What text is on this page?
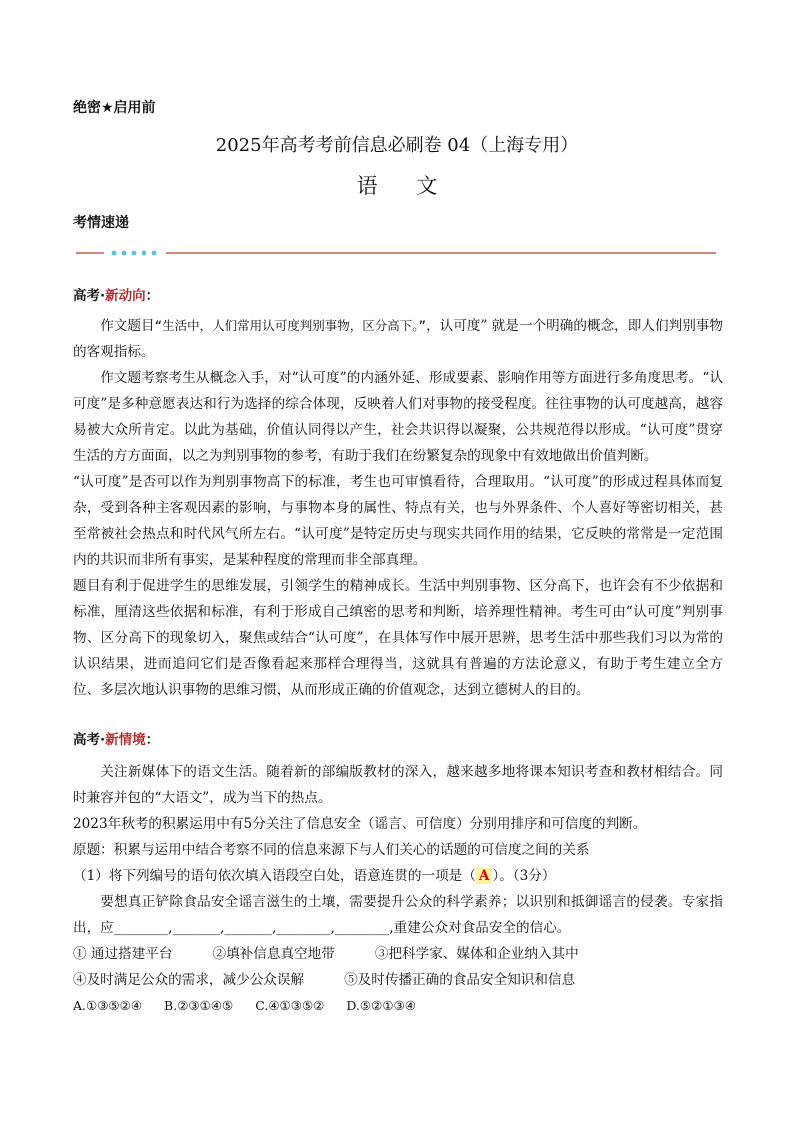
绝密★启用前
2025年高考考前信息必刷卷 04（上海专用）
语 文
考情速递
高考·新动向：

作文题目“生活中，人们常用认可度判别事物，区分高下。”，认可度” 就是一个明确的概念，即人们判别事物的客观指标。

作文题考察考生从概念入手，对“认可度”的内涵外延、形成要素、影响作用等方面进行多角度思考。“认可度”是多种意愿表达和行为选择的综合体现，反映着人们对事物的接受程度。往往事物的认可度越高，越容易被大众所肯定。以此为基础，价值认同得以产生，社会共识得以凝聚，公共规范得以形成。“认可度”贯穿生活的方方面面，以之为判别事物的参考，有助于我们在纷繁复杂的现象中有效地做出价值判断。

“认可度”是否可以作为判别事物高下的标准，考生也可审慎看待，合理取用。“认可度”的形成过程具体而复杂，受到各种主客观因素的影响，与事物本身的属性、特点有关，也与外界条件、个人喜好等密切相关，甚至常被社会热点和时代风气所左右。“认可度”是特定历史与现实共同作用的结果，它反映的常常是一定范围内的共识而非所有事实，是某种程度的常理而非全部真理。

题目有利于促进学生的思维发展，引领学生的精神成长。生活中判别事物、区分高下，也许会有不少依据和标准，厘清这些依据和标准，有利于形成自己缜密的思考和判断，培养理性精神。考生可由“认可度”判别事物、区分高下的现象切入，聚焦或结合“认可度”，在具体写作中展开思辨，思考生活中那些我们习以为常的认识结果，进而追问它们是否像看起来那样合理得当，这就具有普遍的方法论意义，有助于考生建立全方位、多层次地认识事物的思维习惯，从而形成正确的价值观念，达到立德树人的目的。

高考·新情境：

关注新媒体下的语文生活。随着新的部编版教材的深入，越来越多地将课本知识考查和教材相结合。同时兼容并包的“大语文”，成为当下的热点。

2023年秋考的积累运用中有5分关注了信息安全（谣言、可信度）分别用排序和可信度的判断。

原题：积累与运用中结合考察不同的信息来源下与人们关心的话题的可信度之间的关系

（1）将下列编号的语句依次填入语段空白处，语意连贯的一项是（ A ）。（3分）

要想真正铲除食品安全谣言滋生的土壤，需要提升公众的科学素养；以识别和抵御谣言的侵袭。专家指出，应________,_______,_______,________,________,重建公众对食品安全的信心。

① 通过搭建平台	②填补信息真空地带	③把科学家、媒体和企业纳入其中
④及时满足公众的需求，减少公众误解	⑤及时传播正确的食品安全知识和信息
A.①③⑤②④ B.②③①④⑤ C.④①③⑤② D.⑤②①③④
